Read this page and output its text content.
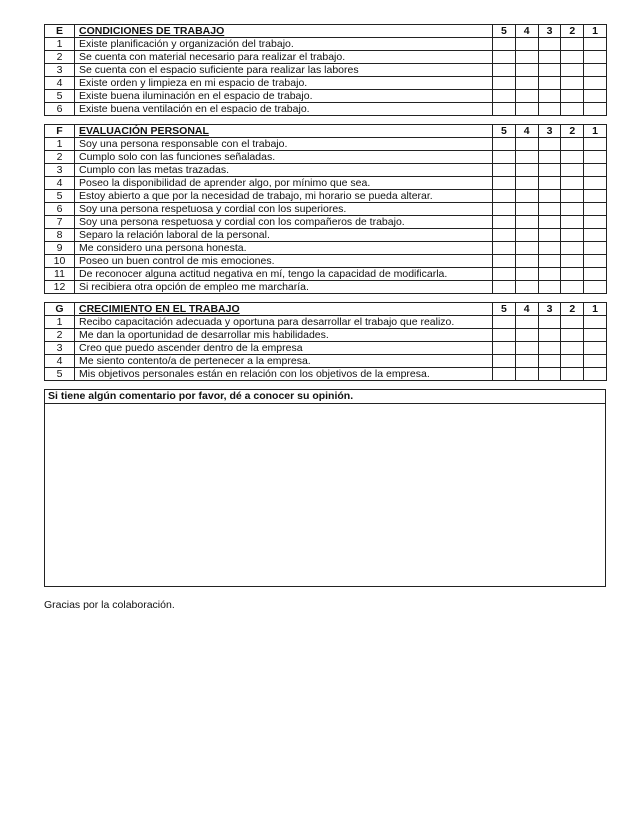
E	CONDICIONES DE TRABAJO	5	4	3	2	1
1	Existe planificación y organización del trabajo.					
2	Se cuenta con material necesario para realizar el trabajo.					
3	Se cuenta con el espacio suficiente para realizar las labores					
4	Existe orden y limpieza en mi espacio de trabajo.					
5	Existe buena iluminación en el espacio de trabajo.					
6	Existe buena ventilación en el espacio de trabajo.					
F	EVALUACIÓN PERSONAL	5	4	3	2	1
1	Soy una persona responsable con el trabajo.					
2	Cumplo solo con las funciones señaladas.					
3	Cumplo con las metas trazadas.					
4	Poseo la disponibilidad de aprender algo, por mínimo que sea.					
5	Estoy abierto a que por la necesidad de trabajo, mi horario se pueda alterar.					
6	Soy una persona respetuosa y cordial con los superiores.					
7	Soy una persona respetuosa y cordial con los compañeros de trabajo.					
8	Separo la relación laboral de la personal.					
9	Me considero una persona honesta.					
10	Poseo un buen control de mis emociones.					
11	De reconocer alguna actitud negativa en mí, tengo la capacidad de modificarla.					
12	Si recibiera otra opción de empleo me marcharía.					
G	CRECIMIENTO EN EL TRABAJO	5	4	3	2	1
1	Recibo capacitación adecuada y oportuna para desarrollar el trabajo que realizo.					
2	Me dan la oportunidad de desarrollar mis habilidades.					
3	Creo que puedo ascender dentro de la empresa					
4	Me siento contento/a de pertenecer a la empresa.					
5	Mis objetivos personales están en relación con los objetivos de la empresa.					
Si tiene algún comentario por favor, dé a conocer su opinión.
Gracias por la colaboración.
